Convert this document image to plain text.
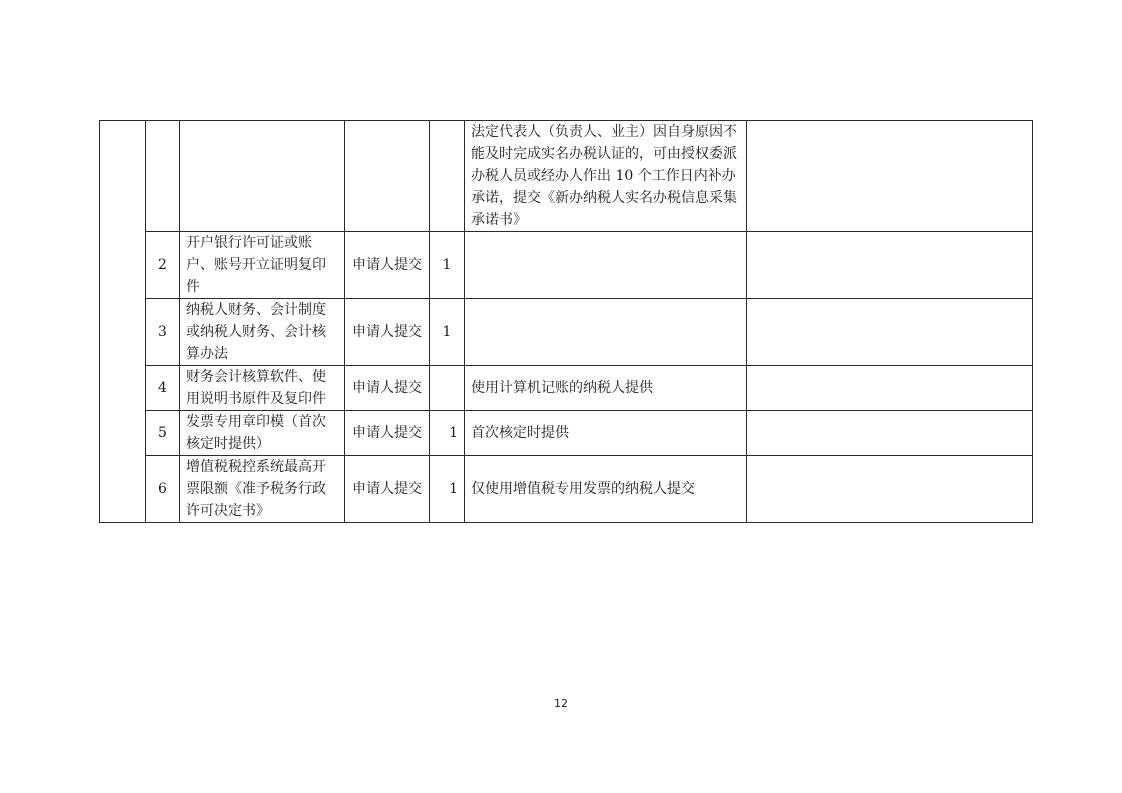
					法定代表人（负责人、业主）因自身原因不能及时完成实名办税认证的，可由授权委派办税人员或经办人作出 10 个工作日内补办承诺，提交《新办纳税人实名办税信息采集承诺书》	
	2	开户银行许可证或账户、账号开立证明复印件	申请人提交	1		
	3	纳税人财务、会计制度或纳税人财务、会计核算办法	申请人提交	1		
	4	财务会计核算软件、使用说明书原件及复印件	申请人提交		使用计算机记账的纳税人提供	
	5	发票专用章印模（首次核定时提供）	申请人提交	1	首次核定时提供	
	6	增值税税控系统最高开票限额《准予税务行政许可决定书》	申请人提交	1	仅使用增值税专用发票的纳税人提交	
12
